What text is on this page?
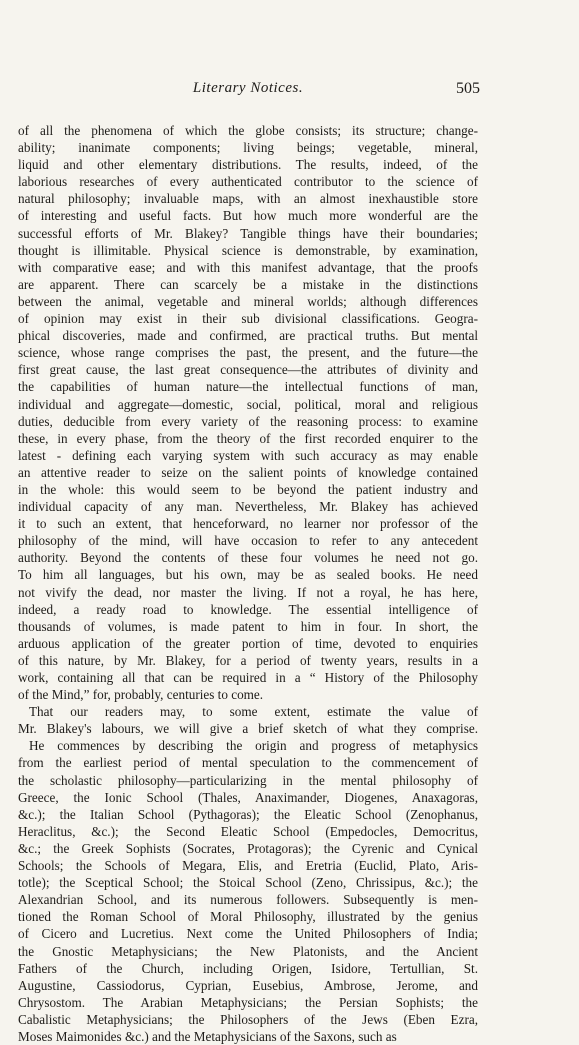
Literary Notices.	505
of all the phenomena of which the globe consists; its structure; change-
ability; inanimate components; living beings; vegetable, mineral,
liquid and other elementary distributions. The results, indeed, of the
laborious researches of every authenticated contributor to the science of
natural philosophy; invaluable maps, with an almost inexhaustible store
of interesting and useful facts. But how much more wonderful are the
successful efforts of Mr. Blakey? Tangible things have their boundaries;
thought is illimitable. Physical science is demonstrable, by examination,
with comparative ease; and with this manifest advantage, that the proofs
are apparent. There can scarcely be a mistake in the distinctions
between the animal, vegetable and mineral worlds; although differences
of opinion may exist in their sub divisional classifications. Geogra-
phical discoveries, made and confirmed, are practical truths. But mental
science, whose range comprises the past, the present, and the future—the
first great cause, the last great consequence—the attributes of divinity and
the capabilities of human nature—the intellectual functions of man,
individual and aggregate—domestic, social, political, moral and religious
duties, deducible from every variety of the reasoning process: to examine
these, in every phase, from the theory of the first recorded enquirer to the
latest - defining each varying system with such accuracy as may enable
an attentive reader to seize on the salient points of knowledge contained
in the whole: this would seem to be beyond the patient industry and
individual capacity of any man. Nevertheless, Mr. Blakey has achieved
it to such an extent, that henceforward, no learner nor professor of the
philosophy of the mind, will have occasion to refer to any antecedent
authority. Beyond the contents of these four volumes he need not go.
To him all languages, but his own, may be as sealed books. He need
not vivify the dead, nor master the living. If not a royal, he has here,
indeed, a ready road to knowledge. The essential intelligence of
thousands of volumes, is made patent to him in four. In short, the
arduous application of the greater portion of time, devoted to enquiries
of this nature, by Mr. Blakey, for a period of twenty years, results in a
work, containing all that can be required in a “ History of the Philosophy
of the Mind,” for, probably, centuries to come.
That our readers may, to some extent, estimate the value of
Mr. Blakey's labours, we will give a brief sketch of what they comprise.
He commences by describing the origin and progress of metaphysics
from the earliest period of mental speculation to the commencement of
the scholastic philosophy—particularizing in the mental philosophy of
Greece, the Ionic School (Thales, Anaximander, Diogenes, Anaxagoras,
&c.); the Italian School (Pythagoras); the Eleatic School (Zenophanus,
Heraclitus, &c.); the Second Eleatic School (Empedocles, Democritus,
&c.; the Greek Sophists (Socrates, Protagoras); the Cyrenic and Cynical
Schools; the Schools of Megara, Elis, and Eretria (Euclid, Plato, Aris-
totle); the Sceptical School; the Stoical School (Zeno, Chrissipus, &c.); the
Alexandrian School, and its numerous followers. Subsequently is men-
tioned the Roman School of Moral Philosophy, illustrated by the genius
of Cicero and Lucretius. Next come the United Philosophers of India;
the Gnostic Metaphysicians; the New Platonists, and the Ancient
Fathers of the Church, including Origen, Isidore, Tertullian, St.
Augustine, Cassiodorus, Cyprian, Eusebius, Ambrose, Jerome, and
Chrysostom. The Arabian Metaphysicians; the Persian Sophists; the
Cabalistic Metaphysicians; the Philosophers of the Jews (Eben Ezra,
Moses Maimonides &c.) and the Metaphysicians of the Saxons, such as
